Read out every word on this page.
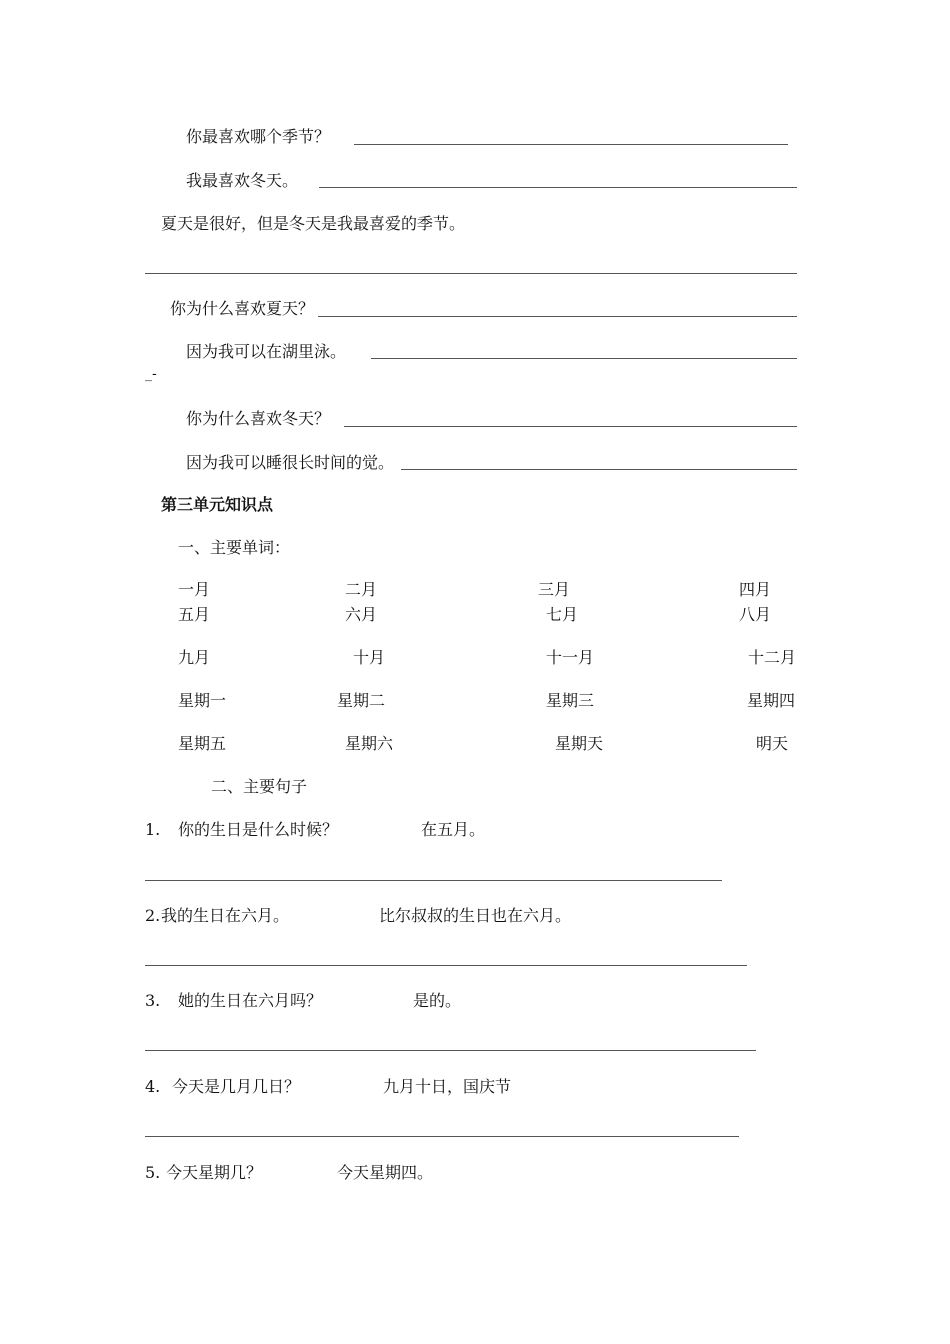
你最喜欢哪个季节？
我最喜欢冬天。
夏天是很好，但是冬天是我最喜爱的季节。
你为什么喜欢夏天？
因为我可以在湖里泳。
_-
你为什么喜欢冬天？
因为我可以睡很长时间的觉。
第三单元知识点
一、主要单词：
一月	二月	三月	四月
五月	六月	七月	八月
九月	十月	十一月	十二月
星期一	星期二	星期三	星期四
星期五	星期六	星期天	明天
二、主要句子
1. 你的生日是什么时候？	在五月。
2. 我的生日在六月。	比尔叔叔的生日也在六月。
3. 她的生日在六月吗？	是的。
4. 今天是几月几日？	九月十日，国庆节
5. 今天星期几？	今天星期四。
